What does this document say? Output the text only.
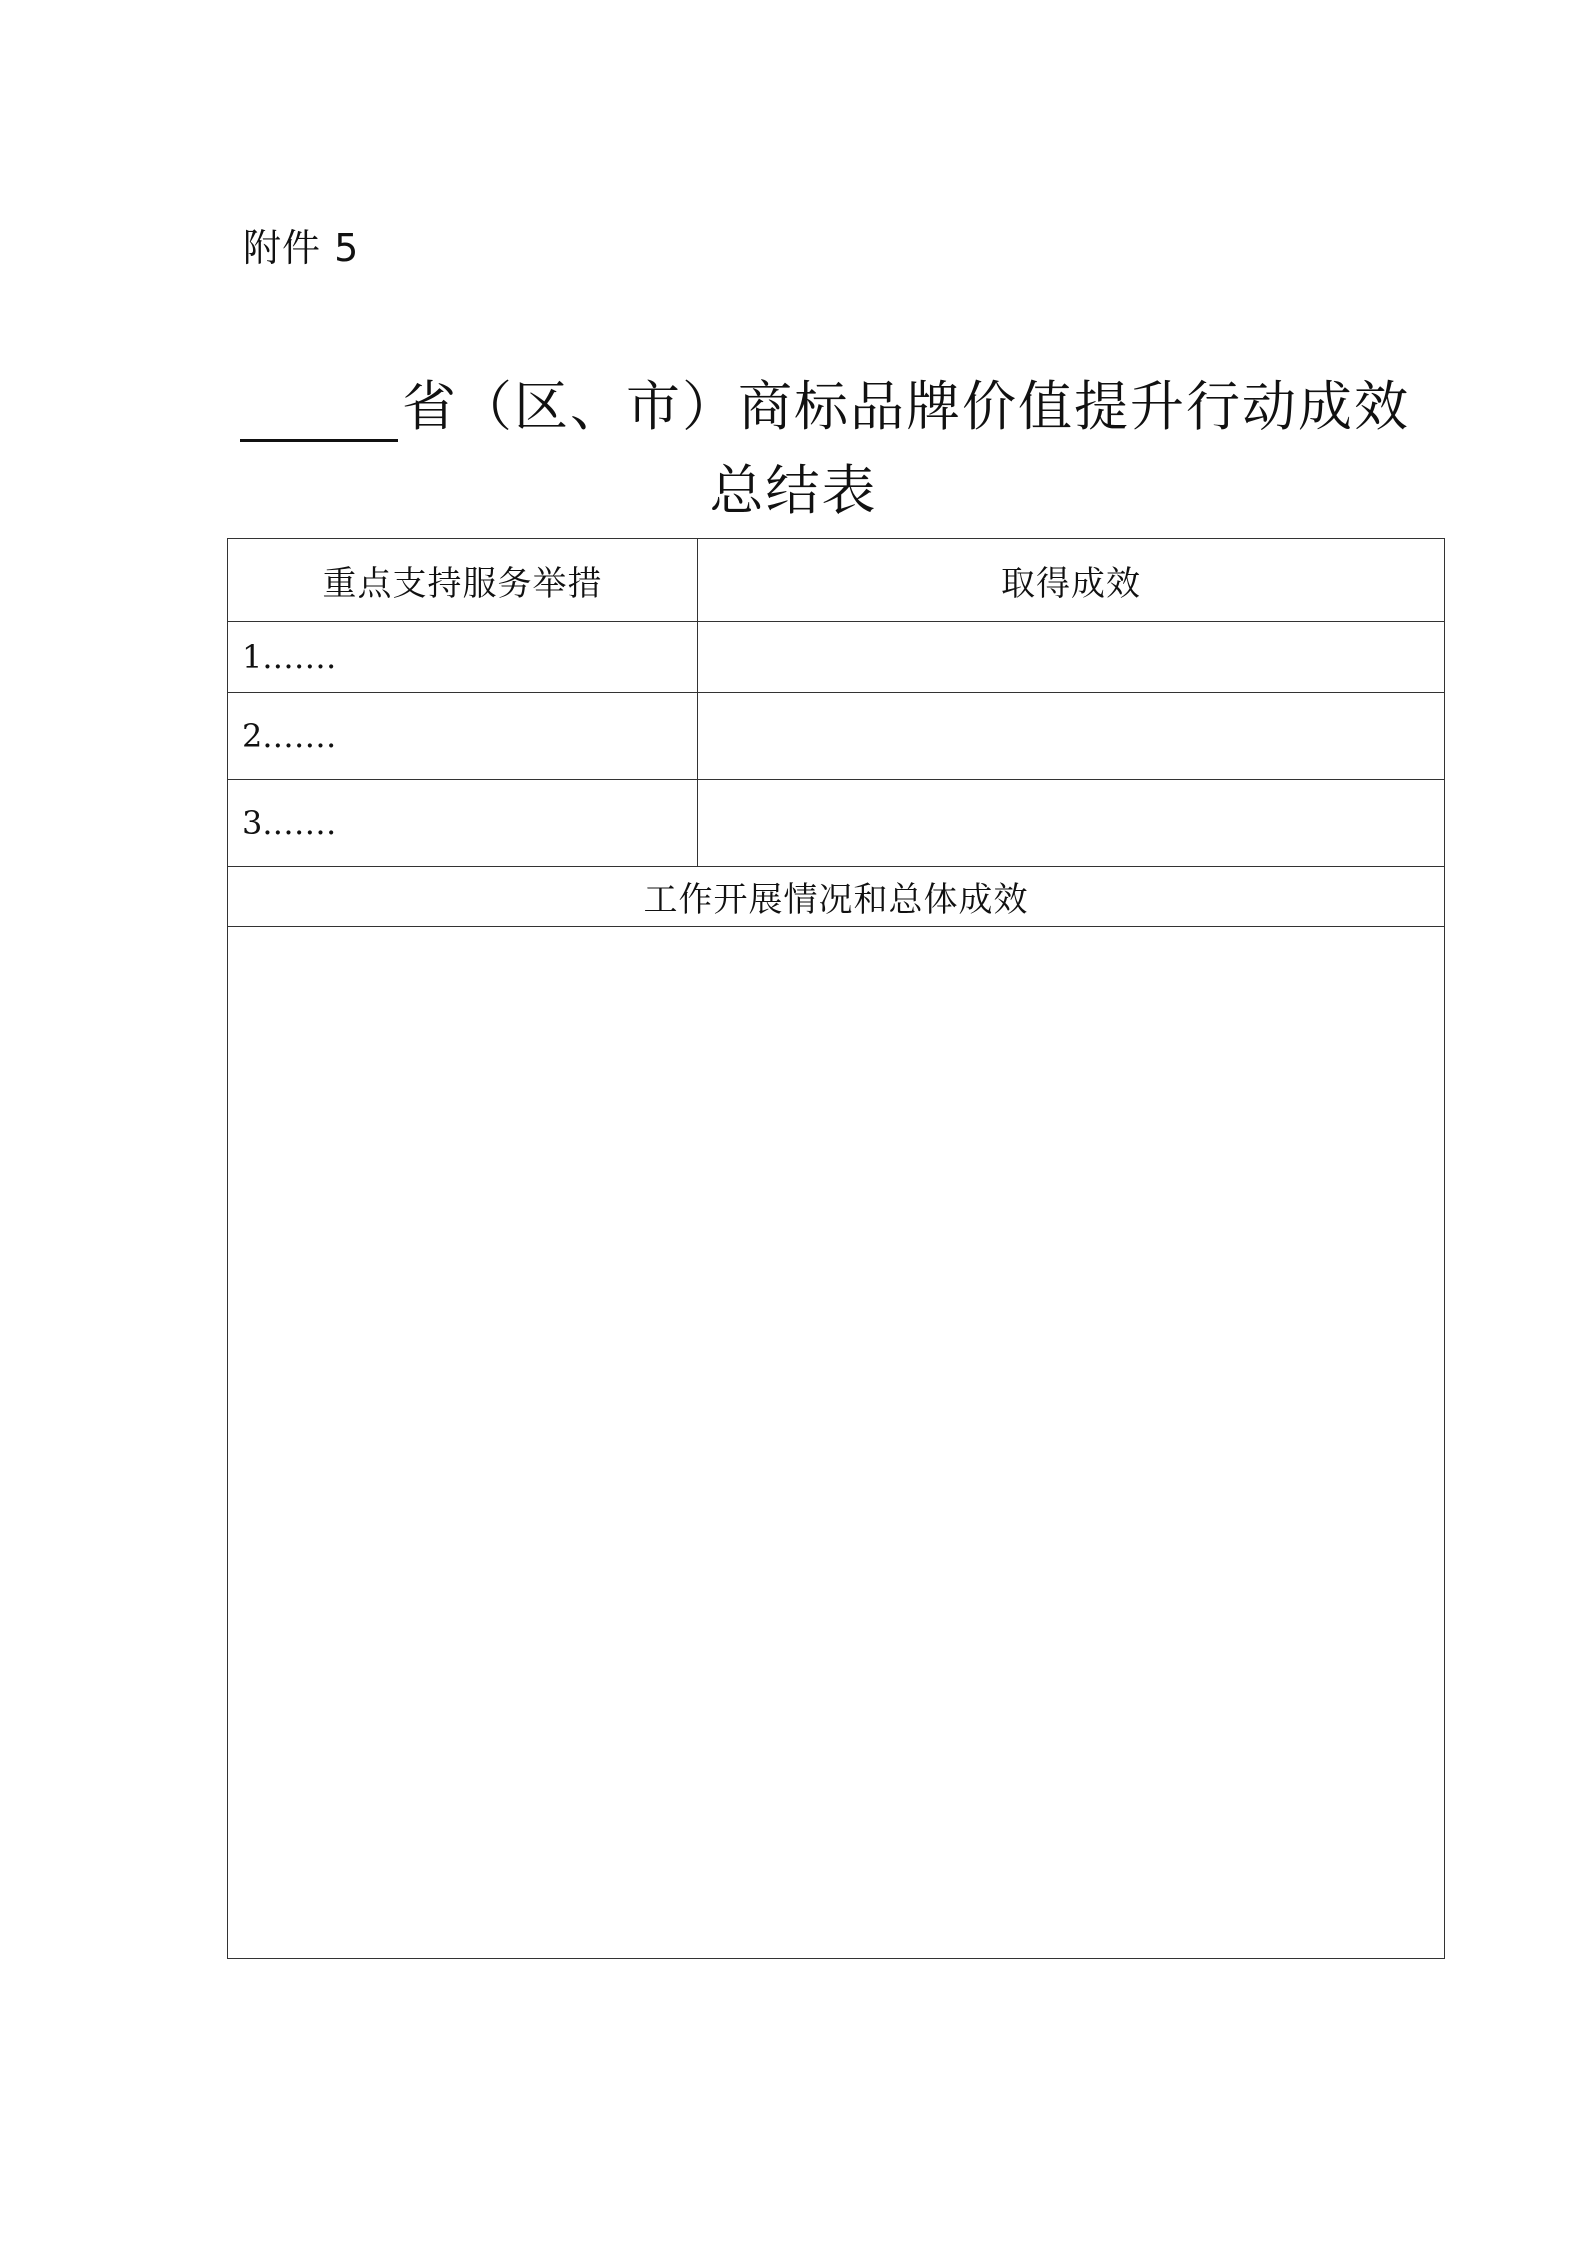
附件 5
省（区、市）商标品牌价值提升行动成效
总结表
重点支持服务举措	取得成效
1.……	
2.……	
3.……	
工作开展情况和总体成效	
